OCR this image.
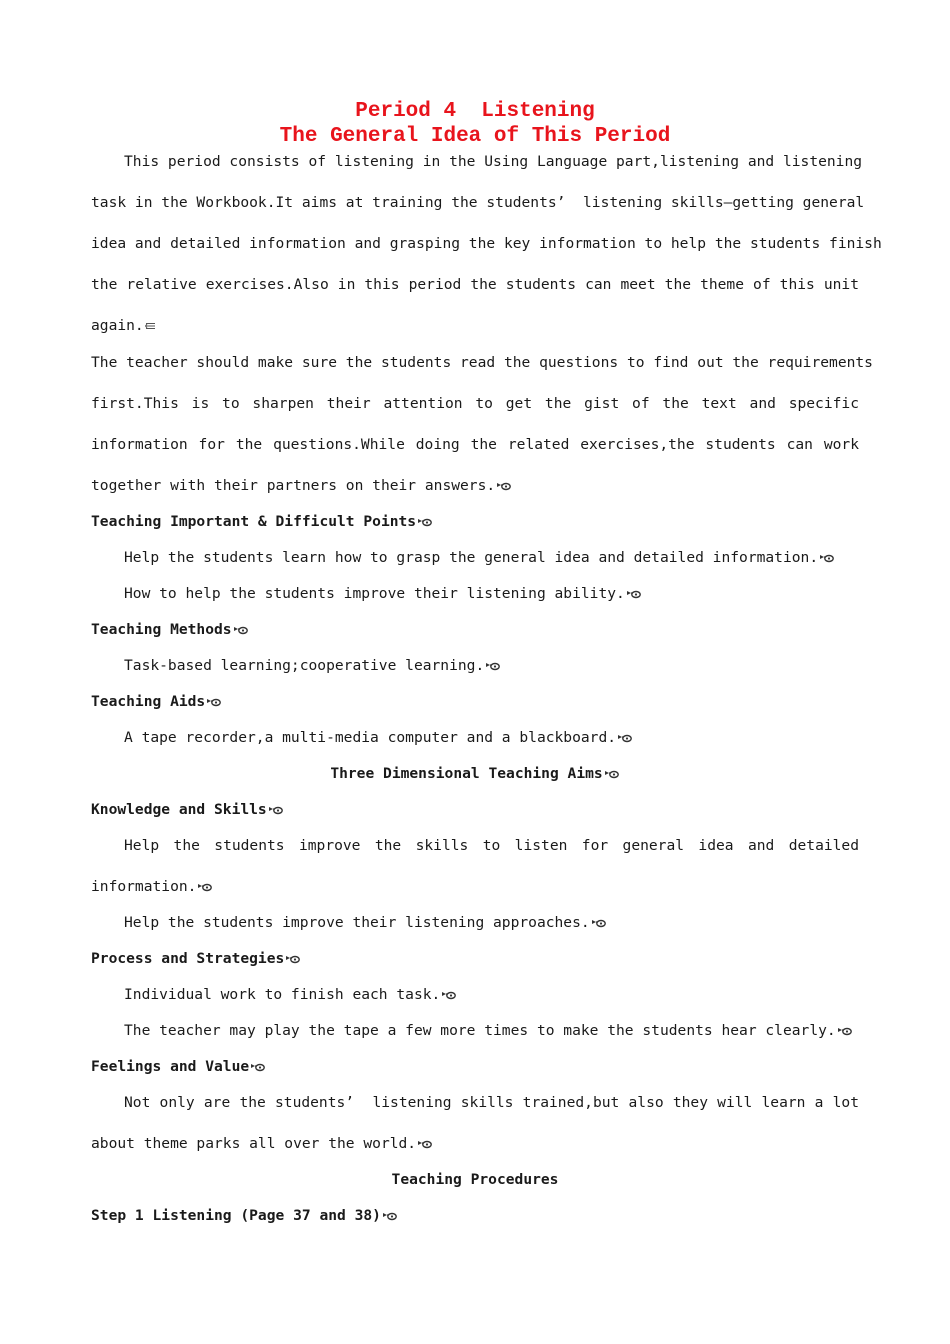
Period 4  Listening
The General Idea of This Period
This period consists of listening in the Using Language part,listening and listening
task in the Workbook.It aims at training the students’  listening skills—getting general
idea and detailed information and grasping the key information to help the students finish
the relative exercises.Also in this period the students can meet the theme of this unit
again.
The teacher should make sure the students read the questions to find out the requirements
first.This is to sharpen their attention to get the gist of the text and specific
information for the questions.While doing the related exercises,the students can work
together with their partners on their answers.
Teaching Important & Difficult Points
Help the students learn how to grasp the general idea and detailed information.
How to help the students improve their listening ability.
Teaching Methods
Task-based learning;cooperative learning.
Teaching Aids
A tape recorder,a multi-media computer and a blackboard.
Three Dimensional Teaching Aims
Knowledge and Skills
Help the students improve the skills to listen for general idea and detailed
information.
Help the students improve their listening approaches.
Process and Strategies
Individual work to finish each task.
The teacher may play the tape a few more times to make the students hear clearly.
Feelings and Value
Not only are the students’  listening skills trained,but also they will learn a lot
about theme parks all over the world.
Teaching Procedures
Step 1 Listening (Page 37 and 38)
